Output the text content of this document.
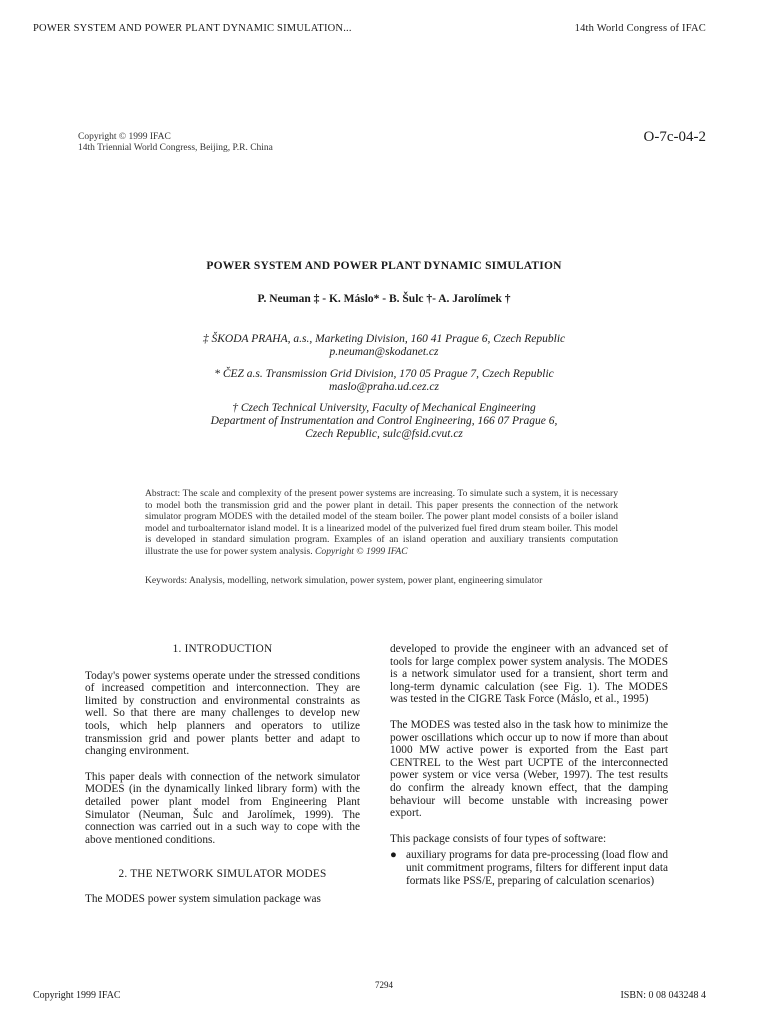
POWER SYSTEM AND POWER PLANT DYNAMIC SIMULATION...	14th World Congress of IFAC
Copyright © 1999 IFAC
14th Triennial World Congress, Beijing, P.R. China
O-7c-04-2
POWER SYSTEM AND POWER PLANT DYNAMIC SIMULATION
P. Neuman ‡ - K. Máslo* - B. Šulc †- A. Jarolímek †
‡ ŠKODA PRAHA, a.s., Marketing Division, 160 41 Prague 6, Czech Republic
p.neuman@skodanet.cz
* ČEZ a.s. Transmission Grid Division, 170 05 Prague 7, Czech Republic
maslo@praha.ud.cez.cz
† Czech Technical University, Faculty of Mechanical Engineering
Department of Instrumentation and Control Engineering, 166 07 Prague 6,
Czech Republic, sulc@fsid.cvut.cz
Abstract: The scale and complexity of the present power systems are increasing. To simulate such a system, it is necessary to model both the transmission grid and the power plant in detail. This paper presents the connection of the network simulator program MODES with the detailed model of the steam boiler. The power plant model consists of a boiler island model and turboalternator island model. It is a linearized model of the pulverized fuel fired drum steam boiler. This model is developed in standard simulation program. Examples of an island operation and auxiliary transients computation illustrate the use for power system analysis. Copyright © 1999 IFAC
Keywords: Analysis, modelling, network simulation, power system, power plant, engineering simulator
1. INTRODUCTION

Today's power systems operate under the stressed conditions of increased competition and interconnection. They are limited by construction and environmental constraints as well. So that there are many challenges to develop new tools, which help planners and operators to utilize transmission grid and power plants better and adapt to changing environment.

This paper deals with connection of the network simulator MODES (in the dynamically linked library form) with the detailed power plant model from Engineering Plant Simulator (Neuman, Šulc and Jarolímek, 1999). The connection was carried out in a such way to cope with the above mentioned conditions.

2. THE NETWORK SIMULATOR MODES

The MODES power system simulation package was

developed to provide the engineer with an advanced set of tools for large complex power system analysis. The MODES is a network simulator used for a transient, short term and long-term dynamic calculation (see Fig. 1). The MODES was tested in the CIGRE Task Force (Máslo, et al., 1995)

The MODES was tested also in the task how to minimize the power oscillations which occur up to now if more than about 1000 MW active power is exported from the East part CENTREL to the West part UCPTE of the interconnected power system or vice versa (Weber, 1997). The test results do confirm the already known effect, that the damping behaviour will become unstable with increasing power export.

This package consists of four types of software:

● auxiliary programs for data pre-processing (load flow and unit commitment programs, filters for different input data formats like PSS/E, preparing of calculation scenarios)
Copyright 1999 IFAC
7294
ISBN: 0 08 043248 4
